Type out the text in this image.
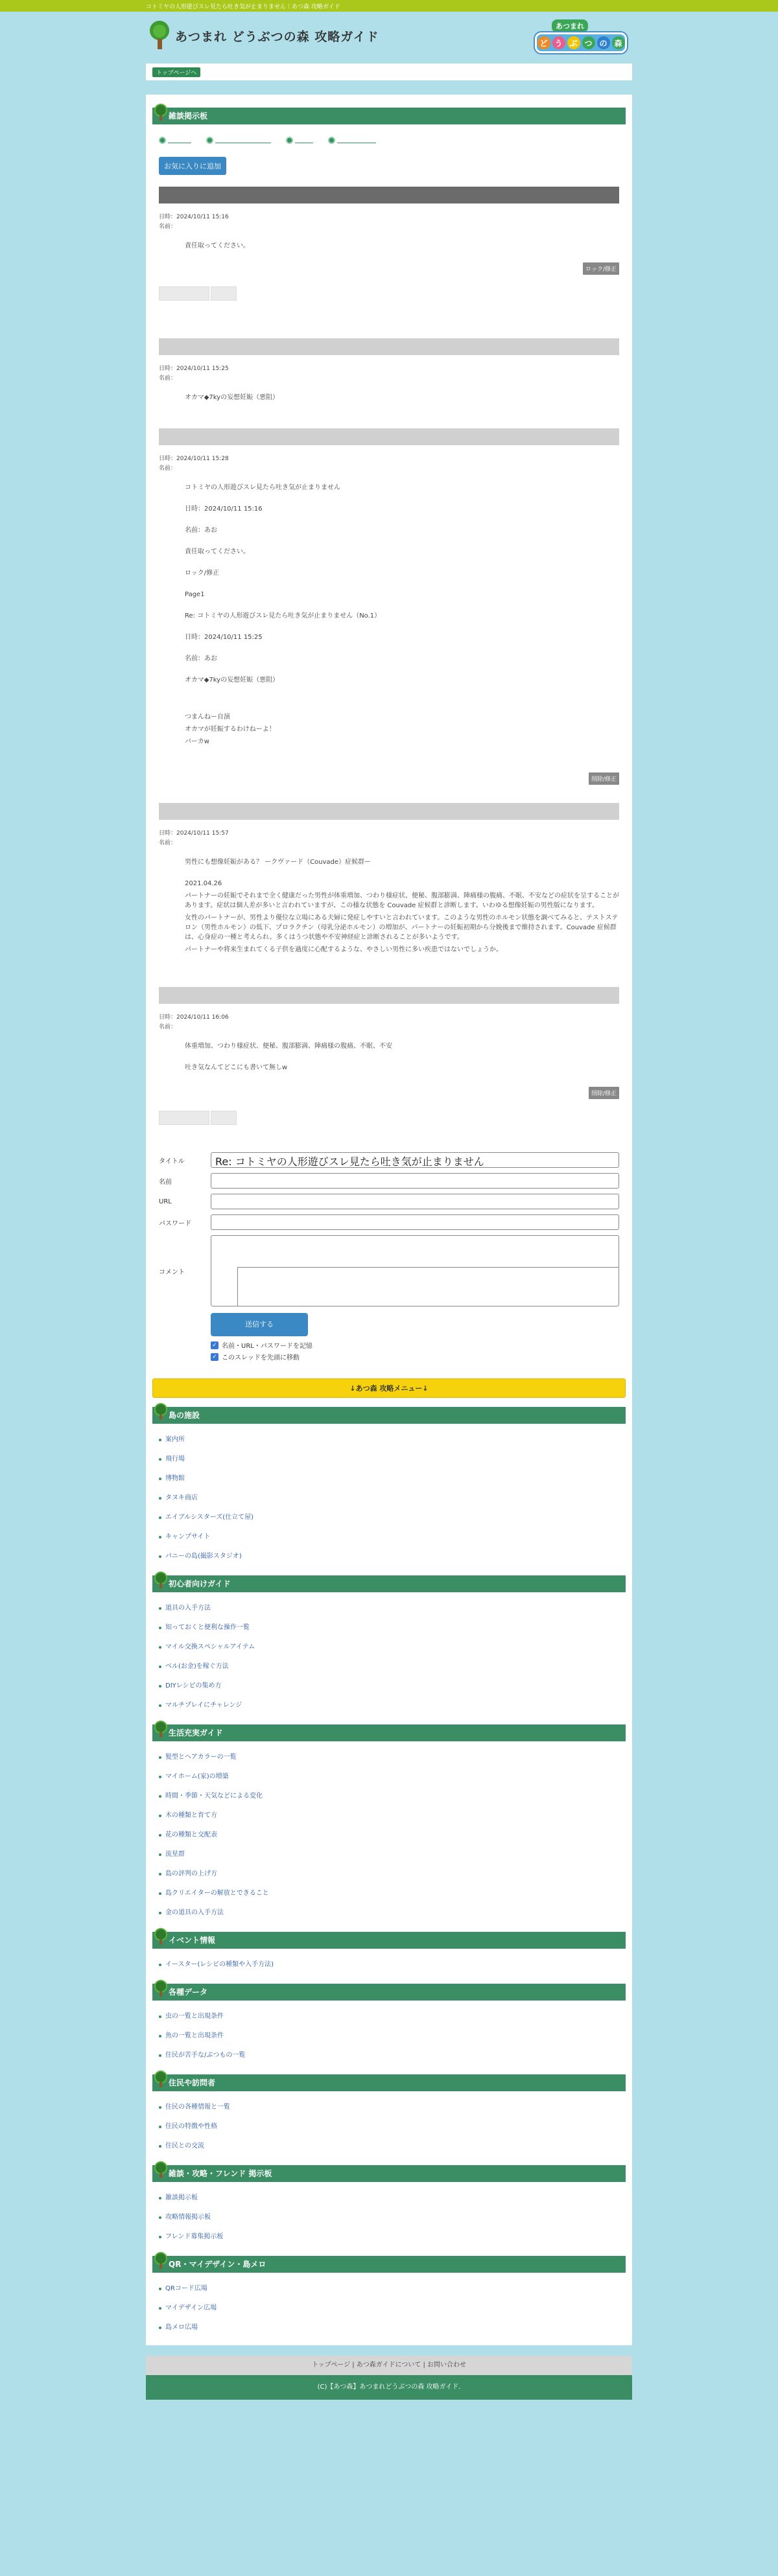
コトミヤの人形遊びスレ見たら吐き気が止まりません｜あつ森 攻略ガイド
あつまれ どうぶつの森 攻略ガイド
あつまれ
ど う ぶ つ の 森
トップページへ
雑談掲示板
お気に入りに追加
日時：2024/10/11 15:16
名前：

責任取ってください。

ロック/修正
日時：2024/10/11 15:25
名前：

オカマ◆7kyの妄想妊娠（悪阻）

日時：2024/10/11 15:28
名前：

コトミヤの人形遊びスレ見たら吐き気が止まりません

日時：2024/10/11 15:16

名前：あお

責任取ってください。

ロック/修正

Page1

Re: コトミヤの人形遊びスレ見たら吐き気が止まりません（No.1）

日時：2024/10/11 15:25

名前：あお

オカマ◆7kyの妄想妊娠（悪阻）

つまんねー自演

オカマが妊娠するわけねーよ！

バーカw

削除/修正
日時：2024/10/11 15:57
名前：

男性にも想像妊娠がある？ ークヴァード（Couvade）症候群ー

2021.04.26

パートナーの妊娠でそれまで全く健康だった男性が体重増加、つわり様症状、便秘、腹部膨満、陣痛様の腹痛、不眠、不安などの症状を呈することがあります。症状は個人差が多いと言われていますが、この様な状態を Couvade 症候群と診断します。いわゆる想像妊娠の男性版になります。

女性のパートナーが、男性より優位な立場にある夫婦に発症しやすいと言われています。このような男性のホルモン状態を調べてみると、テストステロン（男性ホルモン）の低下、プロラクチン（母乳分泌ホルモン）の増加が、パートナーの妊娠初期から分娩後まで維持されます。Couvade 症候群は、心身症の一種と考えられ、多くはうつ状態や不安神経症と診断されることが多いようです。

パートナーや将来生まれてくる子供を過度に心配するような、やさしい男性に多い疾患ではないでしょうか。

日時：2024/10/11 16:06
名前：

体重増加、つわり様症状、便秘、腹部膨満、陣痛様の腹痛、不眠、不安

吐き気なんてどこにも書いて無しw

削除/修正
タイトル	Re: コトミヤの人形遊びスレ見たら吐き気が止まりません
名前
URL
パスワード
コメント
送信する
✓ 名前・URL・パスワードを記憶
✓ このスレッドを先頭に移動
↓あつ森 攻略メニュー↓
島の施設
案内所
飛行場
博物館
タヌキ商店
エイブルシスターズ(仕立て屋)
キャンプサイト
パニーの島(撮影スタジオ)
初心者向けガイド
道具の入手方法
知っておくと便利な操作一覧
マイル交換スペシャルアイテム
ベル(お金)を稼ぐ方法
DIYレシピの集め方
マルチプレイにチャレンジ
生活充実ガイド
髪型とヘアカラーの一覧
マイホーム(家)の増築
時間・季節・天気などによる変化
木の種類と育て方
花の種類と交配表
流星群
島の評判の上げ方
島クリエイターの解放とできること
金の道具の入手方法
イベント情報
イースター(レシピの種類や入手方法)
各種データ
虫の一覧と出現条件
魚の一覧と出現条件
住民が苦手な/ぶつもの一覧
住民や訪問者
住民の各種情報と一覧
住民の特徴や性格
住民との交流
雑談・攻略・フレンド 掲示板
雑談掲示板
攻略情報掲示板
フレンド募集掲示板
QR・マイデザイン・島メロ
QRコード広場
マイデザイン広場
島メロ広場
トップページ | あつ森ガイドについて | お問い合わせ
(C)【あつ森】あつまれどうぶつの森 攻略ガイド.
